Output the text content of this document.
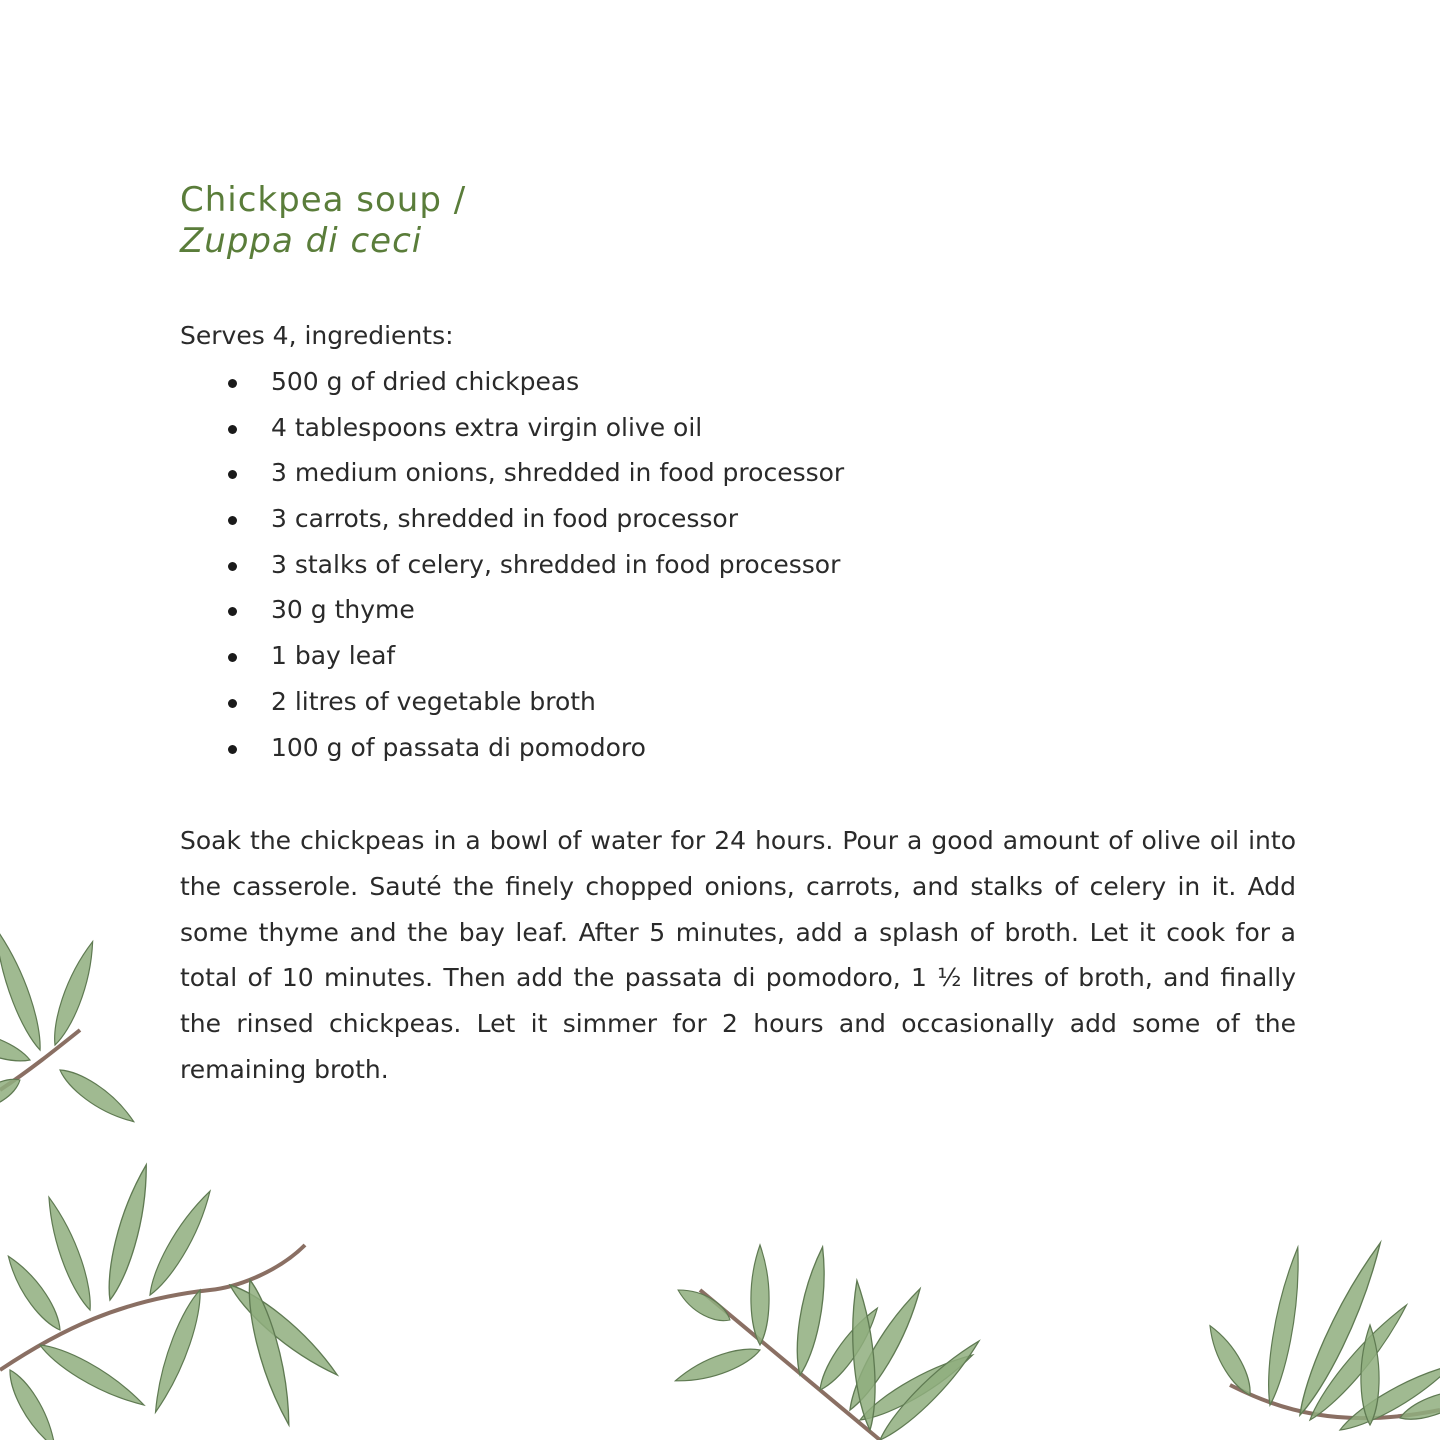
Chickpea soup /
Zuppa di ceci
Serves 4, ingredients:
500 g of dried chickpeas
4 tablespoons extra virgin olive oil
3 medium onions, shredded in food processor
3 carrots, shredded in food processor
3 stalks of celery, shredded in food processor
30 g thyme
1 bay leaf
2 litres of vegetable broth
100 g of passata di pomodoro

Soak the chickpeas in a bowl of water for 24 hours. Pour a good amount of olive oil into the casserole. Sauté the finely chopped onions, carrots, and stalks of celery in it. Add some thyme and the bay leaf. After 5 minutes, add a splash of broth. Let it cook for a total of 10 minutes. Then add the passata di pomodoro, 1 ½ litres of broth, and finally the rinsed chickpeas. Let it simmer for 2 hours and occasionally add some of the remaining broth.
